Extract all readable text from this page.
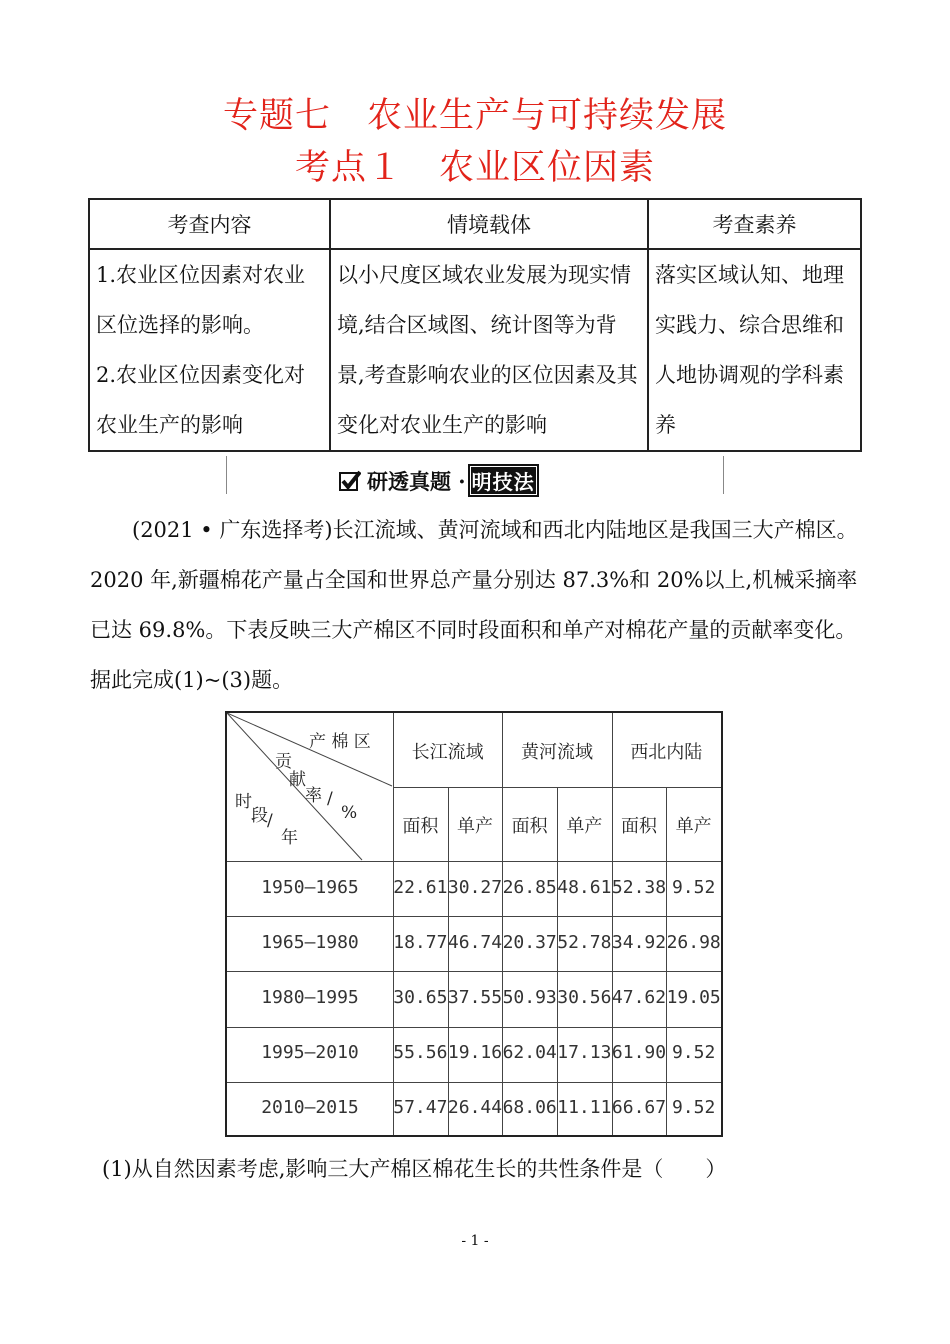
专题七　农业生产与可持续发展
考点１　农业区位因素
考查内容	情境载体	考查素养
1.农业区位因素对农业区位选择的影响。
2.农业区位因素变化对农业生产的影响	以小尺度区域农业发展为现实情境,结合区域图、统计图等为背景,考查影响农业的区位因素及其变化对农业生产的影响	落实区域认知、地理实践力、综合思维和人地协调观的学科素养
研透真题 · 明技法
(2021 • 广东选择考)长江流域、黄河流域和西北内陆地区是我国三大产棉区。2020 年,新疆棉花产量占全国和世界总产量分别达 87.3%和 20%以上,机械采摘率已达 69.8%。下表反映三大产棉区不同时段面积和单产对棉花产量的贡献率变化。据此完成(1)~(3)题。
产 棉 区
贡
献
率 /
%
时
段 /
年
长江流域	黄河流域	西北内陆
面积	单产	面积	单产	面积	单产
1950—1965	22.61 30.27 26.85 48.61 52.38 9.52
1965—1980	18.77 46.74 20.37 52.78 34.92 26.98
1980—1995	30.65 37.55 50.93 30.56 47.62 19.05
1995—2010	55.56 19.16 62.04 17.13 61.90 9.52
2010—2015	57.47 26.44 68.06 11.11 66.67 9.52
(1)从自然因素考虑,影响三大产棉区棉花生长的共性条件是（　　）
- 1 -
